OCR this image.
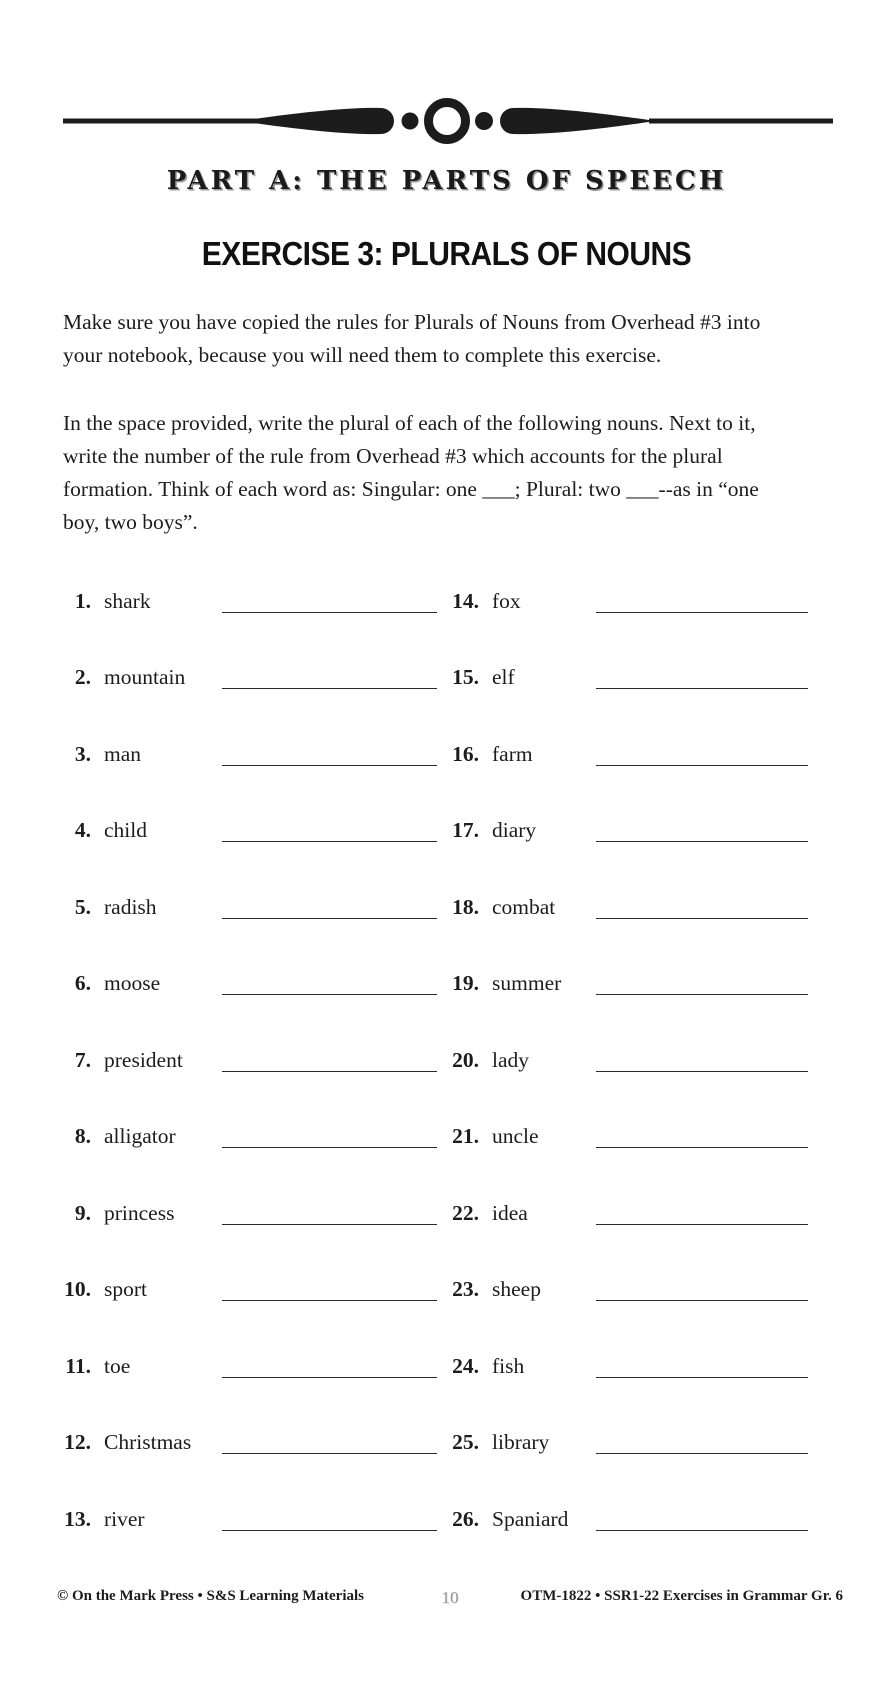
PART A: THE PARTS OF SPEECH
EXERCISE 3: PLURALS OF NOUNS

Make sure you have copied the rules for Plurals of Nouns from Overhead #3 into your notebook, because you will need them to complete this exercise.

In the space provided, write the plural of each of the following nouns. Next to it, write the number of the rule from Overhead #3 which accounts for the plural formation. Think of each word as: Singular: one ___; Plural: two ___--as in “one boy, two boys”.

1. shark
2. mountain
3. man
4. child
5. radish
6. moose
7. president
8. alligator
9. princess
10. sport
11. toe
12. Christmas
13. river
14. fox
15. elf
16. farm
17. diary
18. combat
19. summer
20. lady
21. uncle
22. idea
23. sheep
24. fish
25. library
26. Spaniard
© On the Mark Press • S&S Learning Materials	10	OTM-1822 • SSR1-22 Exercises in Grammar Gr. 6
